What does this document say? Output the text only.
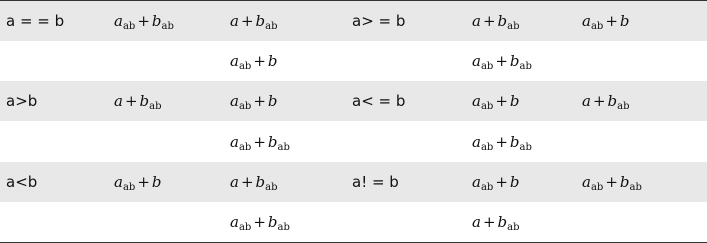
a = = b	$a_{ab} + b_{ab}$	$a + b_{ab}$	a> = b	$a + b_{ab}$	$a_{ab} + b$
		$a_{ab} + b$		$a_{ab} + b_{ab}$	
a>b	$a + b_{ab}$	$a_{ab} + b$	a< = b	$a_{ab} + b$	$a + b_{ab}$
		$a_{ab} + b_{ab}$		$a_{ab} + b_{ab}$	
a<b	$a_{ab} + b$	$a + b_{ab}$	a! = b	$a_{ab} + b$	$a_{ab} + b_{ab}$
		$a_{ab} + b_{ab}$		$a + b_{ab}$	
